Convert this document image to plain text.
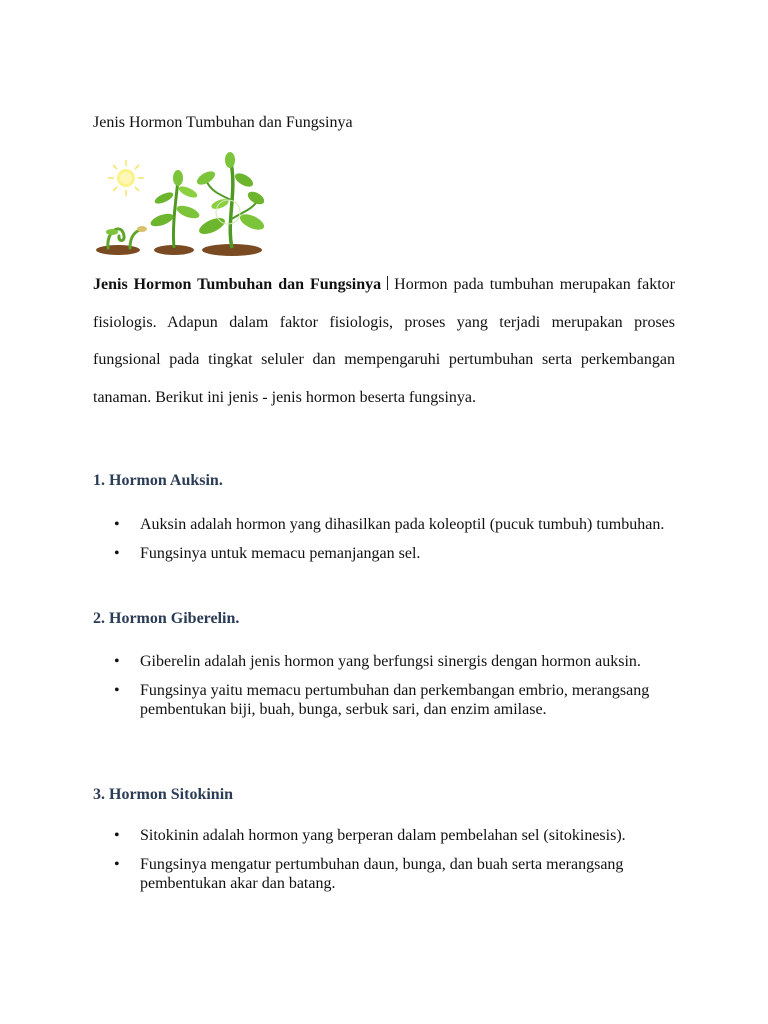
Jenis Hormon Tumbuhan dan Fungsinya

Jenis Hormon Tumbuhan dan Fungsinya Hormon pada tumbuhan merupakan faktor fisiologis. Adapun dalam faktor fisiologis, proses yang terjadi merupakan proses fungsional pada tingkat seluler dan mempengaruhi pertumbuhan serta perkembangan tanaman. Berikut ini jenis - jenis hormon beserta fungsinya.

1. Hormon Auksin.
• Auksin adalah hormon yang dihasilkan pada koleoptil (pucuk tumbuh) tumbuhan.
• Fungsinya untuk memacu pemanjangan sel.
2. Hormon Giberelin.
• Giberelin adalah jenis hormon yang berfungsi sinergis dengan hormon auksin.
• Fungsinya yaitu memacu pertumbuhan dan perkembangan embrio, merangsang pembentukan biji, buah, bunga, serbuk sari, dan enzim amilase.
3. Hormon Sitokinin
• Sitokinin adalah hormon yang berperan dalam pembelahan sel (sitokinesis).
• Fungsinya mengatur pertumbuhan daun, bunga, dan buah serta merangsang pembentukan akar dan batang.
